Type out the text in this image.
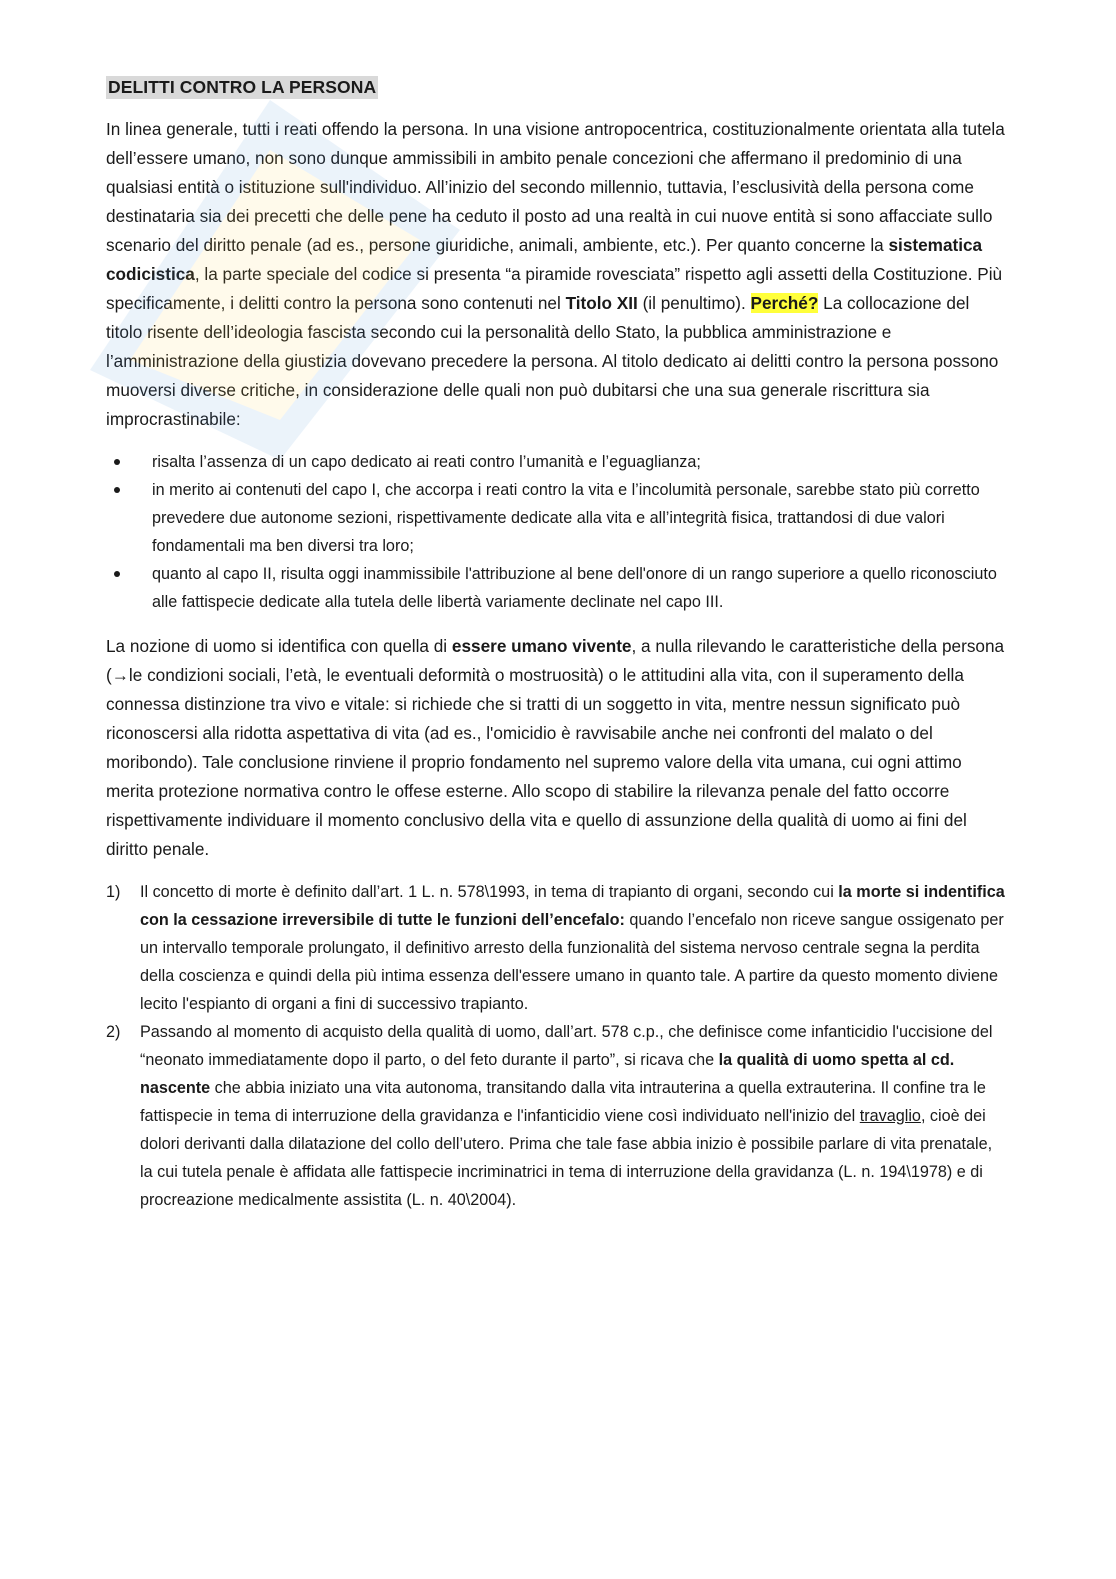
DELITTI CONTRO LA PERSONA

In linea generale, tutti i reati offendo la persona. In una visione antropocentrica, costituzionalmente orientata alla tutela dell’essere umano, non sono dunque ammissibili in ambito penale concezioni che affermano il predominio di una qualsiasi entità o istituzione sull'individuo. All’inizio del secondo millennio, tuttavia, l’esclusività della persona come destinataria sia dei precetti che delle pene ha ceduto il posto ad una realtà in cui nuove entità si sono affacciate sullo scenario del diritto penale (ad es., persone giuridiche, animali, ambiente, etc.). Per quanto concerne la sistematica codicistica, la parte speciale del codice si presenta “a piramide rovesciata” rispetto agli assetti della Costituzione. Più specificamente, i delitti contro la persona sono contenuti nel Titolo XII (il penultimo). Perché? La collocazione del titolo risente dell’ideologia fascista secondo cui la personalità dello Stato, la pubblica amministrazione e l’amministrazione della giustizia dovevano precedere la persona. Al titolo dedicato ai delitti contro la persona possono muoversi diverse critiche, in considerazione delle quali non può dubitarsi che una sua generale riscrittura sia improcrastinabile:

risalta l’assenza di un capo dedicato ai reati contro l’umanità e l’eguaglianza;
in merito ai contenuti del capo I, che accorpa i reati contro la vita e l’incolumità personale, sarebbe stato più corretto prevedere due autonome sezioni, rispettivamente dedicate alla vita e all’integrità fisica, trattandosi di due valori fondamentali ma ben diversi tra loro;
quanto al capo II, risulta oggi inammissibile l'attribuzione al bene dell'onore di un rango superiore a quello riconosciuto alle fattispecie dedicate alla tutela delle libertà variamente declinate nel capo III.

La nozione di uomo si identifica con quella di essere umano vivente, a nulla rilevando le caratteristiche della persona (→le condizioni sociali, l’età, le eventuali deformità o mostruosità) o le attitudini alla vita, con il superamento della connessa distinzione tra vivo e vitale: si richiede che si tratti di un soggetto in vita, mentre nessun significato può riconoscersi alla ridotta aspettativa di vita (ad es., l'omicidio è ravvisabile anche nei confronti del malato o del moribondo). Tale conclusione rinviene il proprio fondamento nel supremo valore della vita umana, cui ogni attimo merita protezione normativa contro le offese esterne. Allo scopo di stabilire la rilevanza penale del fatto occorre rispettivamente individuare il momento conclusivo della vita e quello di assunzione della qualità di uomo ai fini del diritto penale.

1) Il concetto di morte è definito dall’art. 1 L. n. 578\1993, in tema di trapianto di organi, secondo cui la morte si indentifica con la cessazione irreversibile di tutte le funzioni dell’encefalo: quando l’encefalo non riceve sangue ossigenato per un intervallo temporale prolungato, il definitivo arresto della funzionalità del sistema nervoso centrale segna la perdita della coscienza e quindi della più intima essenza dell'essere umano in quanto tale. A partire da questo momento diviene lecito l'espianto di organi a fini di successivo trapianto.
2) Passando al momento di acquisto della qualità di uomo, dall’art. 578 c.p., che definisce come infanticidio l'uccisione del “neonato immediatamente dopo il parto, o del feto durante il parto”, si ricava che la qualità di uomo spetta al cd. nascente che abbia iniziato una vita autonoma, transitando dalla vita intrauterina a quella extrauterina. Il confine tra le fattispecie in tema di interruzione della gravidanza e l'infanticidio viene così individuato nell'inizio del travaglio, cioè dei dolori derivanti dalla dilatazione del collo dell’utero. Prima che tale fase abbia inizio è possibile parlare di vita prenatale, la cui tutela penale è affidata alle fattispecie incriminatrici in tema di interruzione della gravidanza (L. n. 194\1978) e di procreazione medicalmente assistita (L. n. 40\2004).
